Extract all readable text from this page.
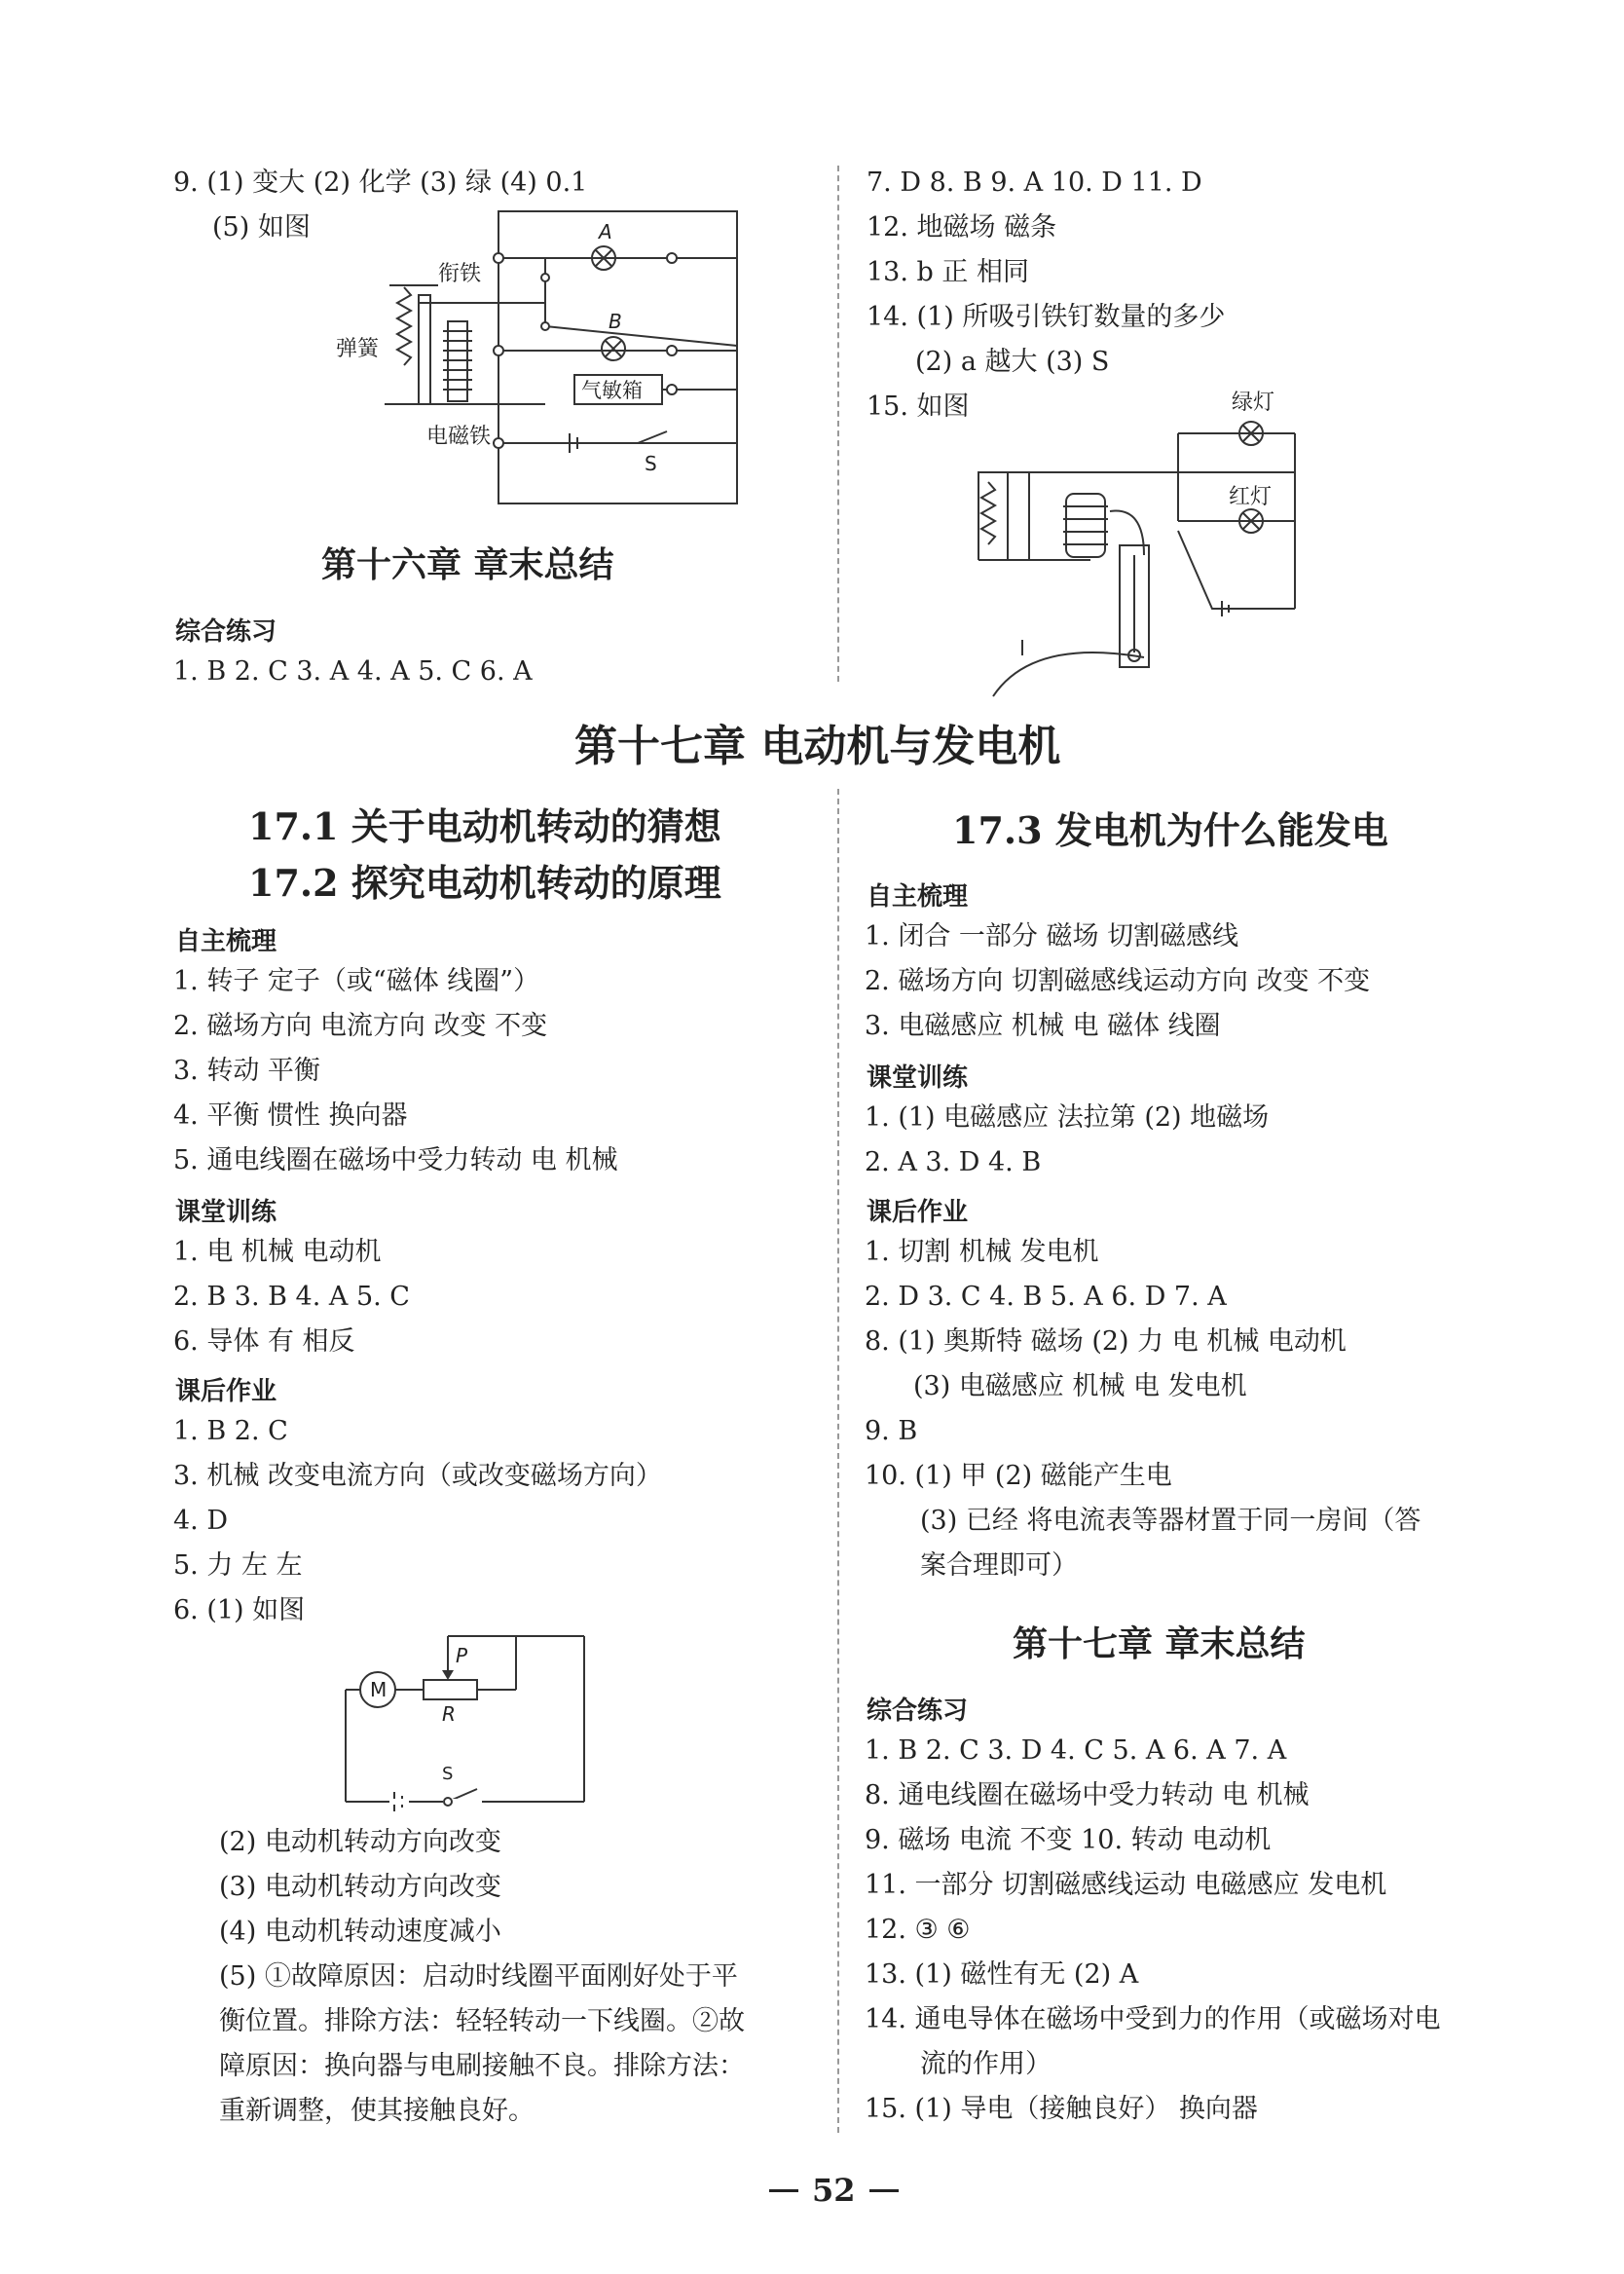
9. (1) 变大 (2) 化学 (3) 绿 (4) 0.1
(5) 如图	A
B
衔铁
弹簧
气敏箱
电磁铁
S
第十六章 章末总结
综合练习
1. B 2. C 3. A 4. A 5. C 6. A
7. D 8. B 9. A 10. D 11. D
12. 地磁场 磁条
13. b 正 相同
14. (1) 所吸引铁钉数量的多少
(2) a 越大 (3) S
15. 如图	绿灯
红灯
第十七章 电动机与发电机
17.1 关于电动机转动的猜想
17.2 探究电动机转动的原理
自主梳理
1. 转子 定子（或“磁体 线圈”）
2. 磁场方向 电流方向 改变 不变
3. 转动 平衡
4. 平衡 惯性 换向器
5. 通电线圈在磁场中受力转动 电 机械
课堂训练
1. 电 机械 电动机
2. B 3. B 4. A 5. C
6. 导体 有 相反
课后作业
1. B 2. C
3. 机械 改变电流方向（或改变磁场方向）
4. D
5. 力 左 左
6. (1) 如图
M
P
R
S
(2) 电动机转动方向改变
(3) 电动机转动方向改变
(4) 电动机转动速度减小
(5) ①故障原因：启动时线圈平面刚好处于平
衡位置。排除方法：轻轻转动一下线圈。②故
障原因：换向器与电刷接触不良。排除方法：
重新调整，使其接触良好。
17.3 发电机为什么能发电
自主梳理
1. 闭合 一部分 磁场 切割磁感线
2. 磁场方向 切割磁感线运动方向 改变 不变
3. 电磁感应 机械 电 磁体 线圈
课堂训练
1. (1) 电磁感应 法拉第 (2) 地磁场
2. A 3. D 4. B
课后作业
1. 切割 机械 发电机
2. D 3. C 4. B 5. A 6. D 7. A
8. (1) 奥斯特 磁场 (2) 力 电 机械 电动机
(3) 电磁感应 机械 电 发电机
9. B
10. (1) 甲 (2) 磁能产生电
(3) 已经 将电流表等器材置于同一房间（答
案合理即可）
第十七章 章末总结
综合练习
1. B 2. C 3. D 4. C 5. A 6. A 7. A
8. 通电线圈在磁场中受力转动 电 机械
9. 磁场 电流 不变 10. 转动 电动机
11. 一部分 切割磁感线运动 电磁感应 发电机
12. ③ ⑥
13. (1) 磁性有无 (2) A
14. 通电导体在磁场中受到力的作用（或磁场对电
流的作用）
15. (1) 导电（接触良好） 换向器
52
